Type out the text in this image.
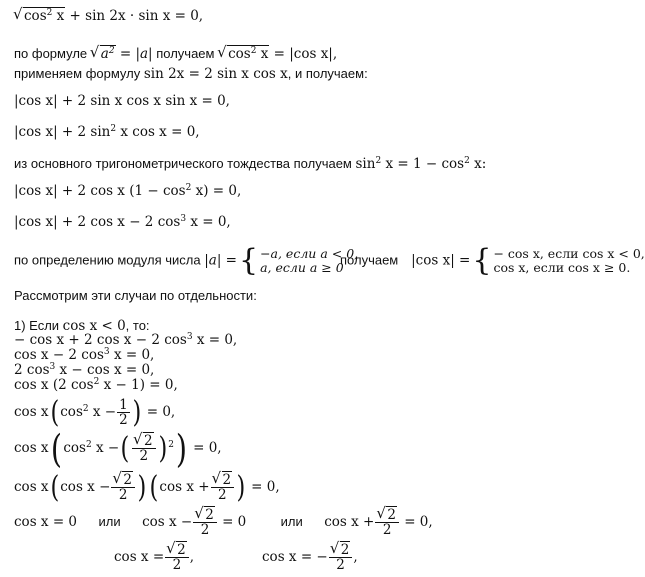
√ $\cos^2 x + \sin 2x \cdot \sin x = 0$,
по формуле √ $a^2 = |a|$ получаем √ $\cos^2 x = |\cos$ x|,
применяем формулу sin 2x = 2 sin x cos x, и получаем:
|cos x| + 2 sin x cos x sin x = 0,
|cos x| + 2 $\sin^2 x$ cos x = 0,
из основного тригонометрического тождества получаем $\sin^2 x = 1 - \cos^2 x$:
|cos x| + 2 cos x $(1 - \cos^2 x) = 0$,
|cos x| + 2 cos x − 2 $\cos^3 x = 0$,
по определению модуля числа |a| ={ −a, если a < 0,
a, если a ≥ 0
получаем |cos x| ={ − cos x, если cos x < 0,
cos x, если cos x ≥ 0.
Рассмотрим эти случаи по отдельности:
1) Если cos x < 0, то:
− cos x + 2 cos x − 2 $\cos^3 x = 0$,
cos x − 2 $\cos^3 x = 0$,
2 $\cos^3 x - \cos x = 0$,
cos x (2 $\cos^2 x - 1) = 0$,
$\cos x(\cos^2$ $x - \frac{1}{2}$ ) = 0,
cos x( $\cos^2 x$ −( √ $\frac{2}{2} )^2) = 0$,
cos x(cos x − √ $\frac{2}{2} )(\cos$ x + √ $\frac{2}{2}$ ) = 0,
cos x = 0 или cos x − √ $\frac{2}{2} = 0$	или cos x + √ $\frac{2}{2} = 0$,
cos x = √ $\frac{2}{2}$ ,	cos x = − √ $\frac{2}{2}$ ,
